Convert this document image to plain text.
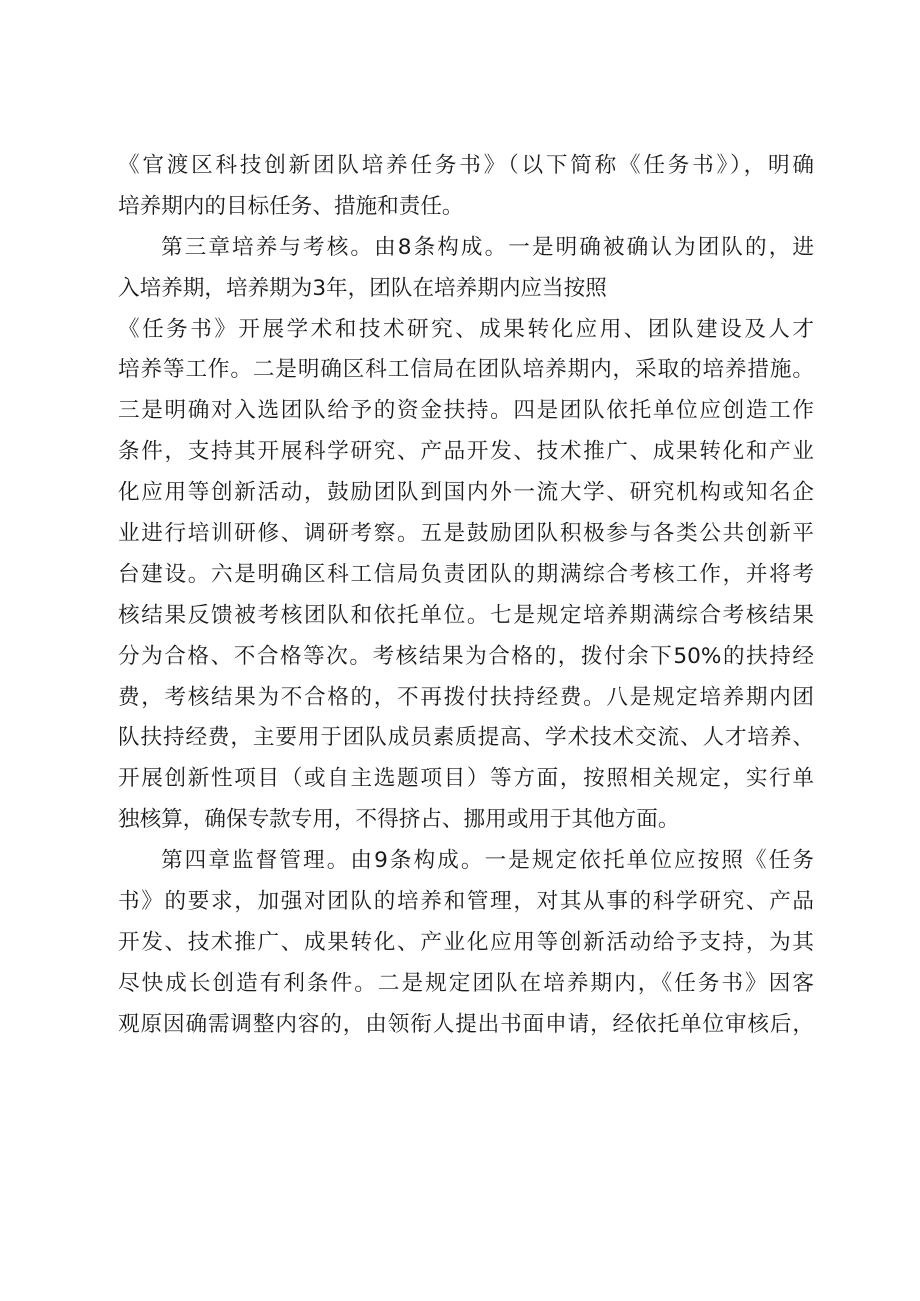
《官渡区科技创新团队培养任务书》（以下简称《任务书》），明确
培养期内的目标任务、措施和责任。
第三章培养与考核。由8条构成。一是明确被确认为团队的，进
入培养期，培养期为3年，团队在培养期内应当按照
《任务书》开展学术和技术研究、成果转化应用、团队建设及人才
培养等工作。二是明确区科工信局在团队培养期内，采取的培养措施。
三是明确对入选团队给予的资金扶持。四是团队依托单位应创造工作
条件，支持其开展科学研究、产品开发、技术推广、成果转化和产业
化应用等创新活动，鼓励团队到国内外一流大学、研究机构或知名企
业进行培训研修、调研考察。五是鼓励团队积极参与各类公共创新平
台建设。六是明确区科工信局负责团队的期满综合考核工作，并将考
核结果反馈被考核团队和依托单位。七是规定培养期满综合考核结果
分为合格、不合格等次。考核结果为合格的，拨付余下50%的扶持经
费，考核结果为不合格的，不再拨付扶持经费。八是规定培养期内团
队扶持经费，主要用于团队成员素质提高、学术技术交流、人才培养、
开展创新性项目（或自主选题项目）等方面，按照相关规定，实行单
独核算，确保专款专用，不得挤占、挪用或用于其他方面。
第四章监督管理。由9条构成。一是规定依托单位应按照《任务
书》的要求，加强对团队的培养和管理，对其从事的科学研究、产品
开发、技术推广、成果转化、产业化应用等创新活动给予支持，为其
尽快成长创造有利条件。二是规定团队在培养期内，《任务书》因客
观原因确需调整内容的，由领衔人提出书面申请，经依托单位审核后，
